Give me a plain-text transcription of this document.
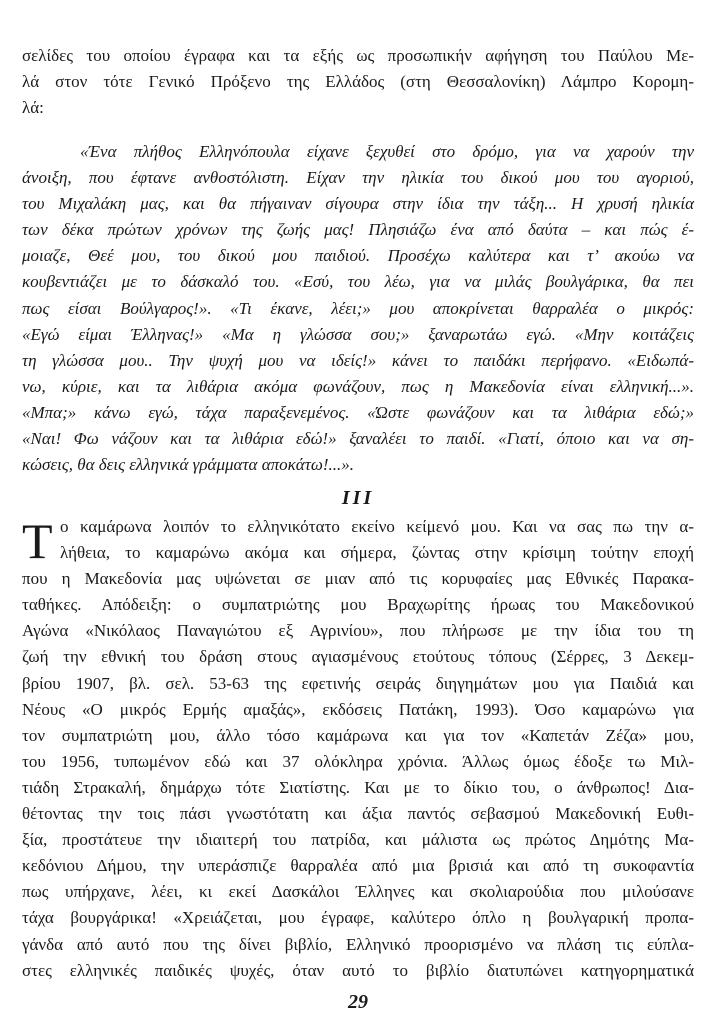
σελίδες του οποίου έγραφα και τα εξής ως προσωπικήν αφήγηση του Παύλου Με-
λά στον τότε Γενικό Πρόξενο της Ελλάδος (στη Θεσσαλονίκη) Λάμπρο Κορομη-
λά:
«Ένα πλήθος Ελληνόπουλα είχανε ξεχυθεί στο δρόμο, για να χαρούν την
άνοιξη, που έφτανε ανθοστόλιστη. Είχαν την ηλικία του δικού μου του αγοριού,
του Μιχαλάκη μας, και θα πήγαιναν σίγουρα στην ίδια την τάξη... Η χρυσή ηλικία
των δέκα πρώτων χρόνων της ζωής μας! Πλησιάζω ένα από δαύτα – και πώς έ-
μοιαζε, Θεέ μου, του δικού μου παιδιού. Προσέχω καλύτερα και τ’ ακούω να
κουβεντιάζει με το δάσκαλό του. «Εσύ, του λέω, για να μιλάς βουλγάρικα, θα πει
πως είσαι Βούλγαρος!». «Τι έκανε, λέει;» μου αποκρίνεται θαρραλέα ο μικρός:
«Εγώ είμαι Έλληνας!» «Μα η γλώσσα σου;» ξαναρωτάω εγώ. «Μην κοιτάζεις
τη γλώσσα μου.. Την ψυχή μου να ιδείς!» κάνει το παιδάκι περήφανο. «Ειδωπά-
νω, κύριε, και τα λιθάρια ακόμα φωνάζουν, πως η Μακεδονία είναι ελληνική...».
«Μπα;» κάνω εγώ, τάχα παραξενεμένος. «Ώστε φωνάζουν και τα λιθάρια εδώ;»
«Ναι! Φω νάζουν και τα λιθάρια εδώ!» ξαναλέει το παιδί. «Γιατί, όποιο και να ση-
κώσεις, θα δεις ελληνικά γράμματα αποκάτω!...».
III
Τ ο καμάρωνα λοιπόν το ελληνικότατο εκείνο κείμενό μου. Και να σας πω την α-
λήθεια, το καμαρώνω ακόμα και σήμερα, ζώντας στην κρίσιμη τούτην εποχή
που η Μακεδονία μας υψώνεται σε μιαν από τις κορυφαίες μας Εθνικές Παρακα-
ταθήκες. Απόδειξη: ο συμπατριώτης μου Βραχωρίτης ήρωας του Μακεδονικού
Αγώνα «Νικόλαος Παναγιώτου εξ Αγρινίου», που πλήρωσε με την ίδια του τη
ζωή την εθνική του δράση στους αγιασμένους ετούτους τόπους (Σέρρες, 3 Δεκεμ-
βρίου 1907, βλ. σελ. 53-63 της εφετινής σειράς διηγημάτων μου για Παιδιά και
Νέους «Ο μικρός Ερμής αμαξάς», εκδόσεις Πατάκη, 1993). Όσο καμαρώνω για
τον συμπατριώτη μου, άλλο τόσο καμάρωνα και για τον «Καπετάν Ζέζα» μου,
του 1956, τυπωμένον εδώ και 37 ολόκληρα χρόνια. Άλλως όμως έδοξε τω Μιλ-
τιάδη Στρακαλή, δημάρχω τότε Σιατίστης. Και με το δίκιο του, ο άνθρωπος! Δια-
θέτοντας την τοις πάσι γνωστότατη και άξια παντός σεβασμού Μακεδονική Ευθι-
ξία, προστάτευε την ιδιαιτερή του πατρίδα, και μάλιστα ως πρώτος Δημότης Μα-
κεδόνιου Δήμου, την υπεράσπιζε θαρραλέα από μια βρισιά και από τη συκοφαντία
πως υπήρχανε, λέει, κι εκεί Δασκάλοι Έλληνες και σκολιαρούδια που μιλούσανε
τάχα βουργάρικα! «Χρειάζεται, μου έγραφε, καλύτερο όπλο η βουλγαρική προπα-
γάνδα από αυτό που της δίνει βιβλίο, Ελληνικό προορισμένο να πλάση τις εύπλα-
στες ελληνικές παιδικές ψυχές, όταν αυτό το βιβλίο διατυπώνει κατηγορηματικά
29
